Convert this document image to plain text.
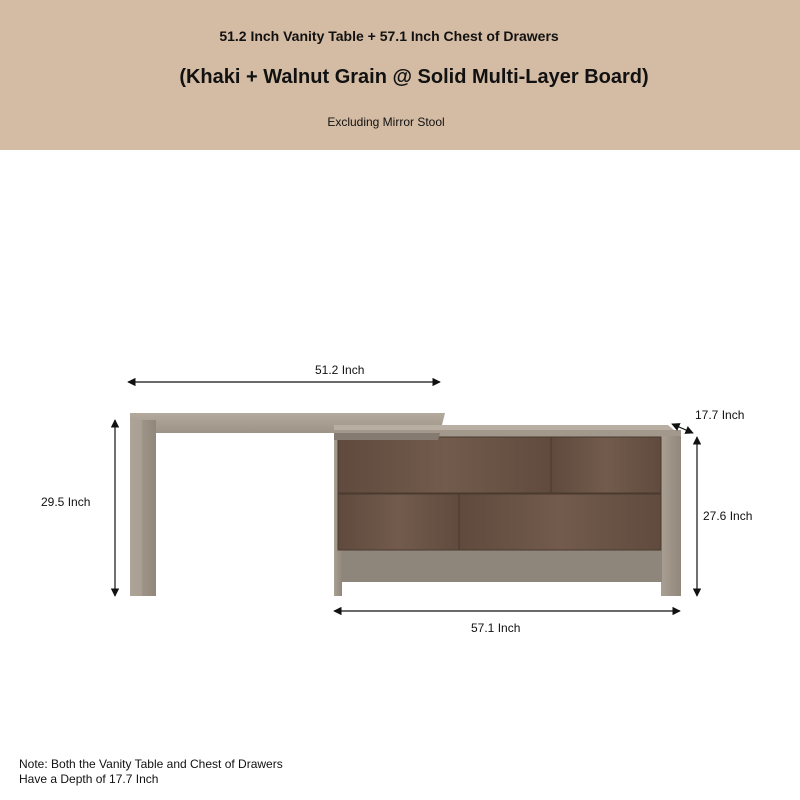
51.2 Inch Vanity Table + 57.1 Inch Chest of Drawers
(Khaki + Walnut Grain @ Solid Multi-Layer Board)
Excluding Mirror Stool
51.2 Inch
29.5 Inch
17.7 Inch
27.6 Inch
57.1 Inch
Note: Both the Vanity Table and Chest of Drawers
Have a Depth of 17.7 Inch
